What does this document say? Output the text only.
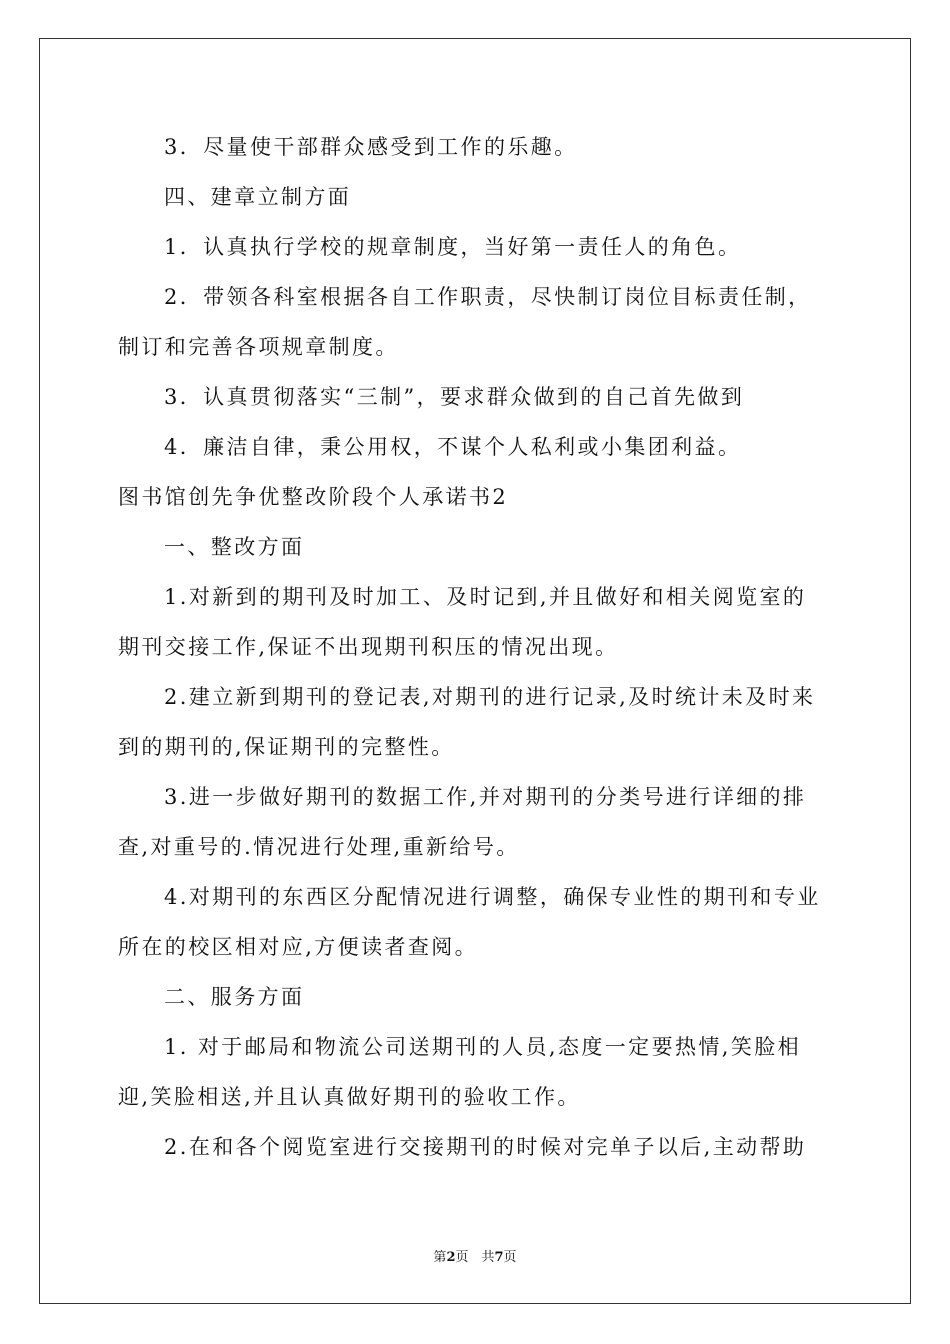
3．尽量使干部群众感受到工作的乐趣。
四、建章立制方面
1．认真执行学校的规章制度，当好第一责任人的角色。
2．带领各科室根据各自工作职责，尽快制订岗位目标责任制，
制订和完善各项规章制度。
3．认真贯彻落实“三制”，要求群众做到的自己首先做到
4．廉洁自律，秉公用权，不谋个人私利或小集团利益。
图书馆创先争优整改阶段个人承诺书2
一、整改方面
1.对新到的期刊及时加工、及时记到,并且做好和相关阅览室的
期刊交接工作,保证不出现期刊积压的情况出现。
2.建立新到期刊的登记表,对期刊的进行记录,及时统计未及时来
到的期刊的,保证期刊的完整性。
3.进一步做好期刊的数据工作,并对期刊的分类号进行详细的排
查,对重号的.情况进行处理,重新给号。
4.对期刊的东西区分配情况进行调整，确保专业性的期刊和专业
所在的校区相对应,方便读者查阅。
二、服务方面
1. 对于邮局和物流公司送期刊的人员,态度一定要热情,笑脸相
迎,笑脸相送,并且认真做好期刊的验收工作。
2.在和各个阅览室进行交接期刊的时候对完单子以后,主动帮助
第2页　共7页
